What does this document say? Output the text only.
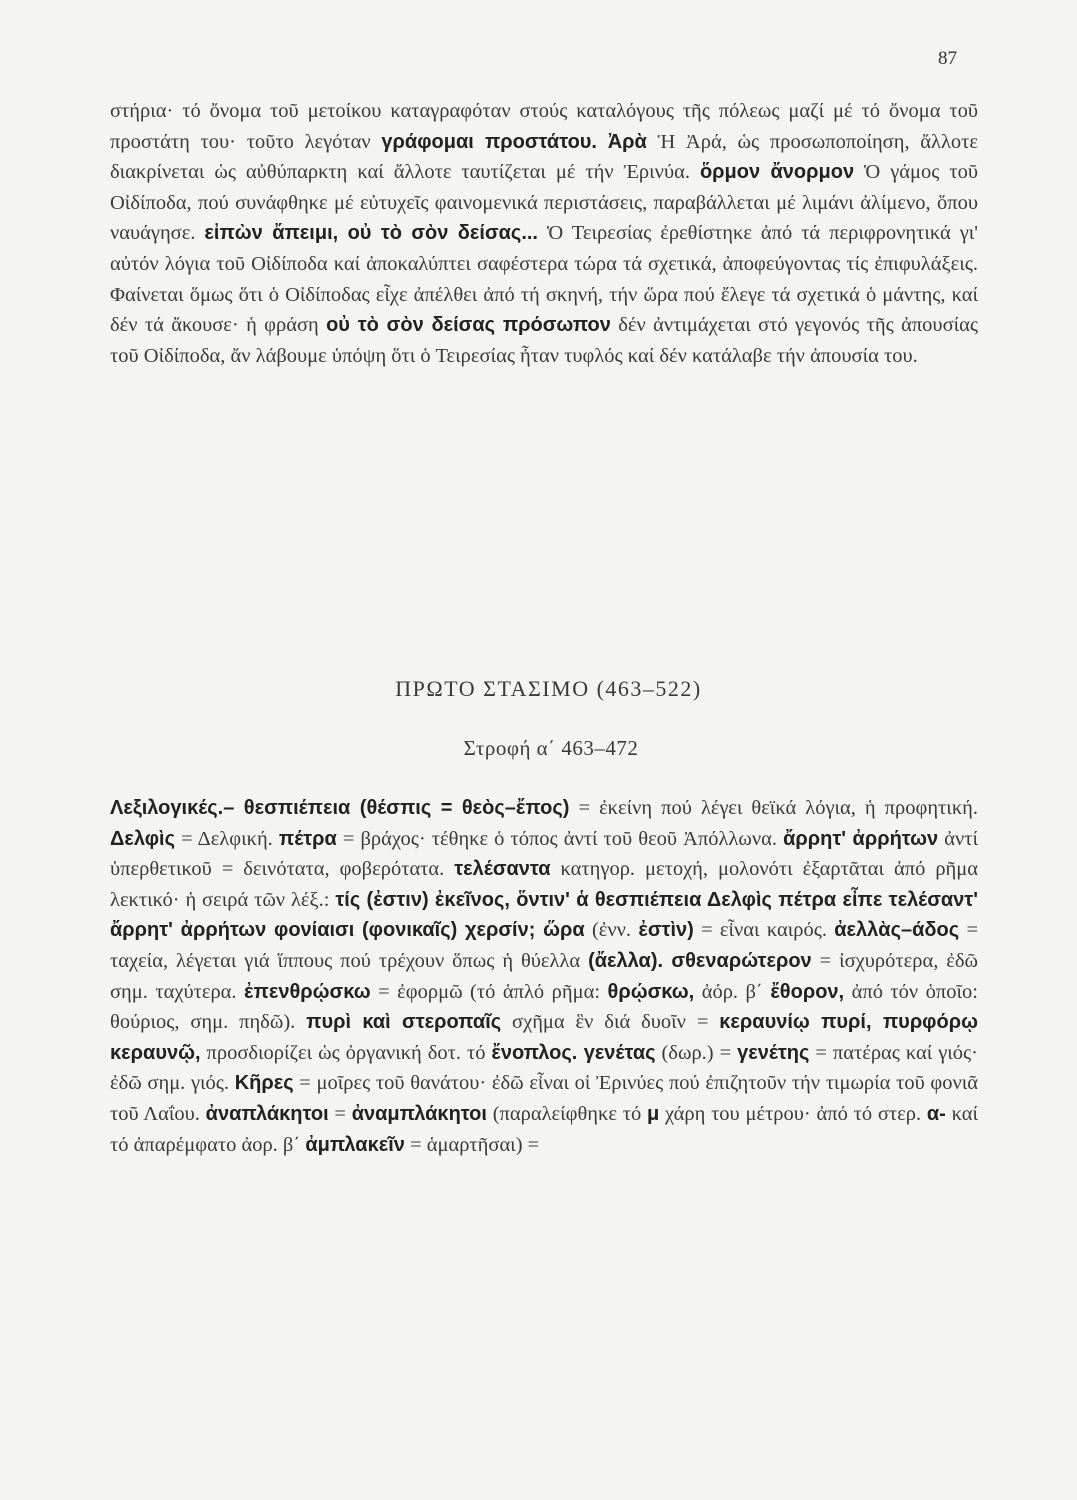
87

στήρια· τό ὄνομα τοῦ μετοίκου καταγραφόταν στούς καταλόγους τῆς πόλεως μαζί μέ τό ὄνομα τοῦ προστάτη του· τοῦτο λεγόταν γράφομαι προστάτου. Ἀρὰ Ἡ Ἀρά, ὡς προσωποποίηση, ἄλλοτε διακρίνεται ὡς αὐθύπαρκτη καί ἄλλοτε ταυτίζεται μέ τήν Ἐρινύα. ὅρμον ἄνορμον Ὁ γάμος τοῦ Οἰδίποδα, πού συνάφθηκε μέ εὐτυχεῖς φαινομενικά περιστάσεις, παραβάλλεται μέ λιμάνι ἀλίμενο, ὅπου ναυάγησε. εἰπὼν ἄπειμι, οὐ τὸ σὸν δείσας... Ὁ Τειρεσίας ἐρεθίστηκε ἀπό τά περιφρονητικά γι' αὐτόν λόγια τοῦ Οἰδίποδα καί ἀποκαλύπτει σαφέστερα τώρα τά σχετικά, ἀποφεύγοντας τίς ἐπιφυλάξεις. Φαίνεται ὅμως ὅτι ὁ Οἰδίποδας εἶχε ἀπέλθει ἀπό τή σκηνή, τήν ὥρα πού ἔλεγε τά σχετικά ὁ μάντης, καί δέν τά ἄκουσε· ἡ φράση οὐ τὸ σὸν δείσας πρόσωπον δέν ἀντιμάχεται στό γεγονός τῆς ἀπουσίας τοῦ Οἰδίποδα, ἄν λάβουμε ὑπόψη ὅτι ὁ Τειρεσίας ἦταν τυφλός καί δέν κατάλαβε τήν ἀπουσία του.

ΠΡΩΤΟ ΣΤΑΣΙΜΟ (463–522)
Στροφή α΄ 463–472

Λεξιλογικές.– θεσπιέπεια (θέσπις = θεὸς–ἔπος) = ἐκείνη πού λέγει θεϊκά λόγια, ἡ προφητική. Δελφὶς = Δελφική. πέτρα = βράχος· τέθηκε ὁ τόπος ἀντί τοῦ θεοῦ Ἀπόλλωνα. ἄρρητ' ἀρρήτων ἀντί ὑπερθετικοῦ = δεινότατα, φοβερότατα. τελέσαντα κατηγορ. μετοχή, μολονότι ἐξαρτᾶται ἀπό ρῆμα λεκτικό· ἡ σειρά τῶν λέξ.: τίς (ἐστιν) ἐκεῖνος, ὅντιν' ἁ θεσπιέπεια Δελφὶς πέτρα εἶπε τελέσαντ' ἄρρητ' ἀρρήτων φονίαισι (φονικαῖς) χερσίν; ὥρα (ἐνν. ἐστὶν) = εἶναι καιρός. ἀελλὰς–άδος = ταχεία, λέγεται γιά ἵππους πού τρέχουν ὅπως ἡ θύελλα (ἄελλα). σθεναρώτερον = ἰσχυρότερα, ἐδῶ σημ. ταχύτερα. ἐπενθρῴσκω = ἐφορμῶ (τό ἁπλό ρῆμα: θρῴσκω, ἀόρ. β΄ ἔθορον, ἀπό τόν ὁποῖο: θούριος, σημ. πηδῶ). πυρὶ καὶ στεροπαῖς σχῆμα ἓν διά δυοῖν = κεραυνίῳ πυρί, πυρφόρῳ κεραυνῷ, προσδιορίζει ὡς ὀργανική δοτ. τό ἔνοπλος. γενέτας (δωρ.) = γενέτης = πατέρας καί γιός· ἐδῶ σημ. γιός. Κῆρες = μοῖρες τοῦ θανάτου· ἐδῶ εἶναι οἱ Ἐρινύες πού ἐπιζητοῦν τήν τιμωρία τοῦ φονιᾶ τοῦ Λαΐου. ἀναπλάκητοι = ἀναμπλάκητοι (παραλείφθηκε τό μ χάρη του μέτρου· ἀπό τό στερ. α- καί τό ἀπαρέμφατο ἀορ. β΄ ἀμπλακεῖν = ἁμαρτῆσαι) =
